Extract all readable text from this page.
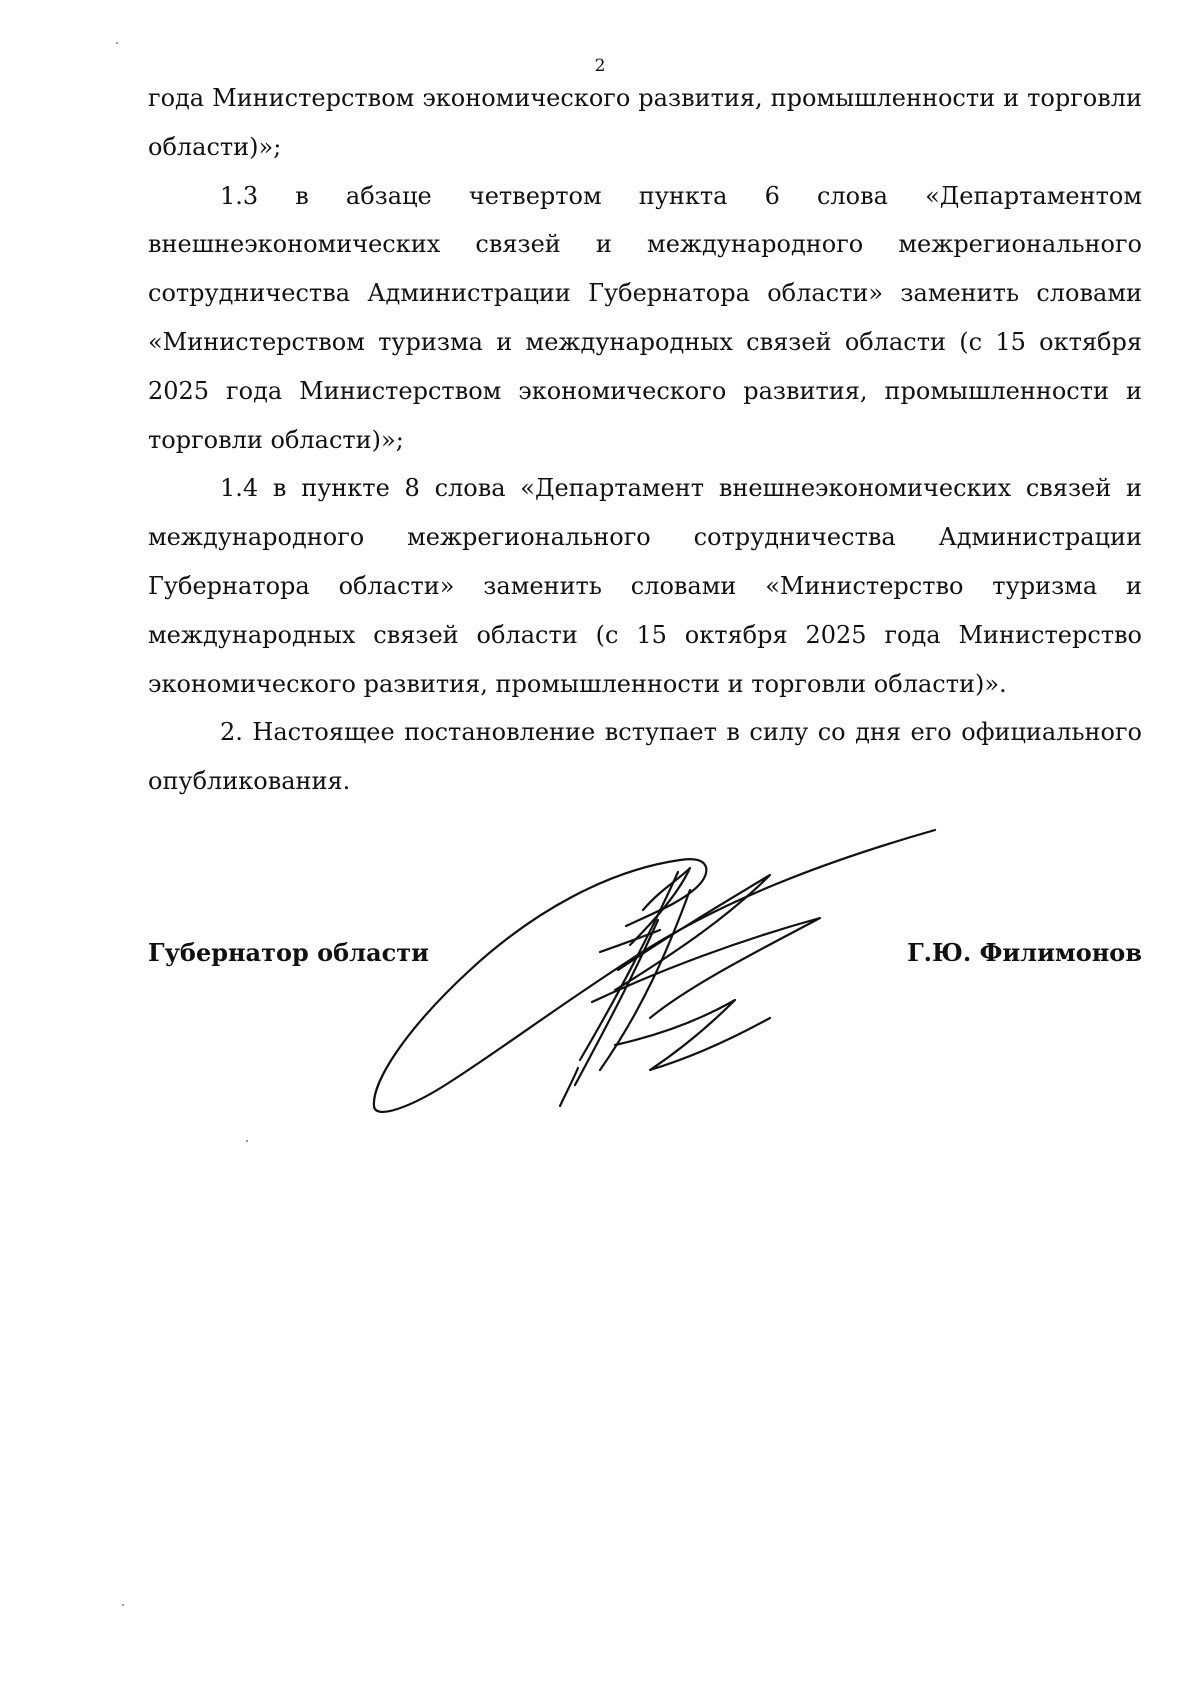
2

года Министерством экономического развития, промышленности и торговли области)»;

1.3 в абзаце четвертом пункта 6 слова «Департаментом внешнеэкономических связей и международного межрегионального сотрудничества Администрации Губернатора области» заменить словами «Министерством туризма и международных связей области (с 15 октября 2025 года Министерством экономического развития, промышленности и торговли области)»;

1.4 в пункте 8 слова «Департамент внешнеэкономических связей и международного межрегионального сотрудничества Администрации Губернатора области» заменить словами «Министерство туризма и международных связей области (с 15 октября 2025 года Министерство экономического развития, промышленности и торговли области)».

2. Настоящее постановление вступает в силу со дня его официального опубликования.

Губернатор области	Г.Ю. Филимонов
